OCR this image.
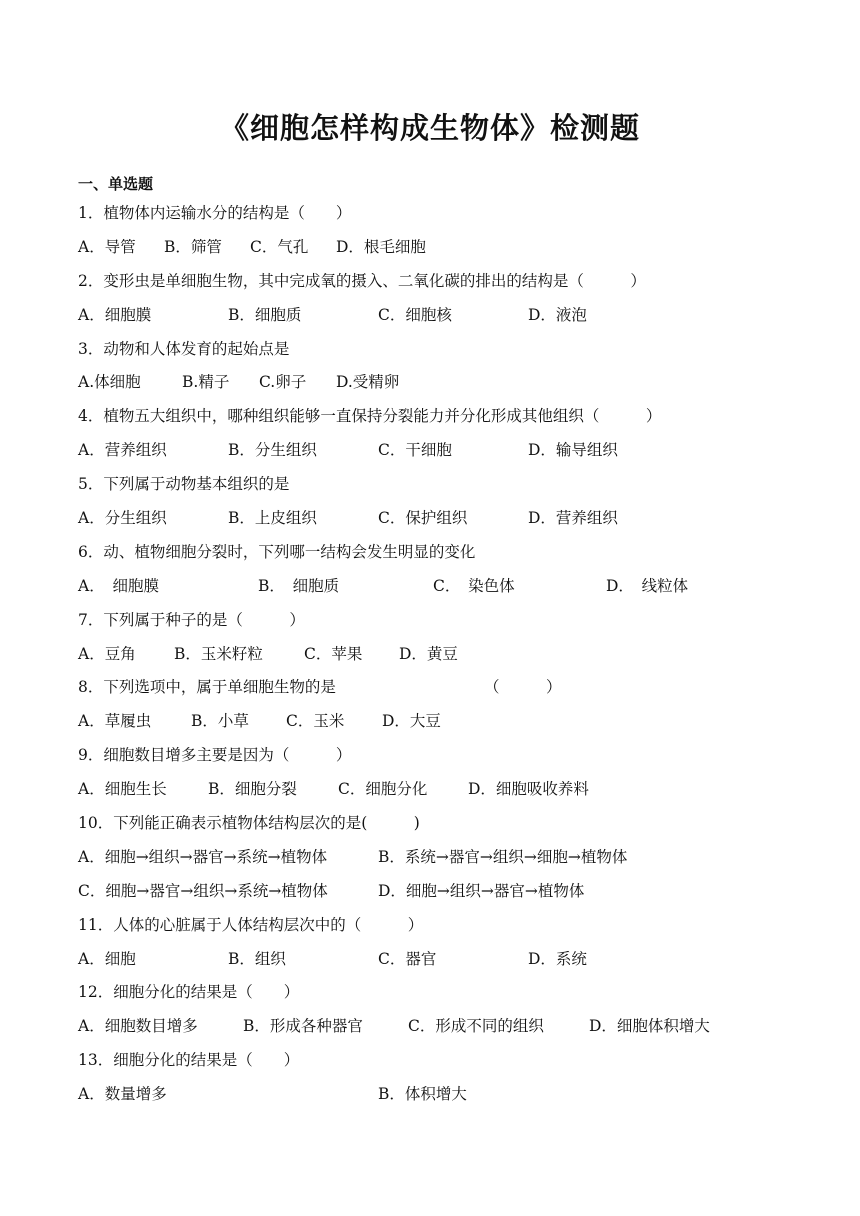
《细胞怎样构成生物体》检测题
一、单选题
1．植物体内运输水分的结构是（　　）
A．导管 B．筛管 C．气孔 D．根毛细胞
2．变形虫是单细胞生物，其中完成氧的摄入、二氧化碳的排出的结构是（　　　）
A．细胞膜	B．细胞质	C．细胞核	D．液泡
3．动物和人体发育的起始点是
A.体细胞	B.精子 C.卵子 D.受精卵
4．植物五大组织中，哪种组织能够一直保持分裂能力并分化形成其他组织（　　　）
A．营养组织	B．分生组织	C．干细胞	D．输导组织
5．下列属于动物基本组织的是
A．分生组织	B．上皮组织	C．保护组织	D．营养组织
6．动、植物细胞分裂时，下列哪一结构会发生明显的变化
A．　细胞膜	B．　细胞质	C．　染色体	D．　线粒体
7．下列属于种子的是（　　　）
A．豆角 B．玉米籽粒	C．苹果 D．黄豆
8．下列选项中，属于单细胞生物的是	（　　　）
A．草履虫	B．小草 C．玉米 D．大豆
9．细胞数目增多主要是因为（　　　）
A．细胞生长	B．细胞分裂	C．细胞分化	D．细胞吸收养料
10．下列能正确表示植物体结构层次的是(　　　)
A．细胞→组织→器官→系统→植物体	B．系统→器官→组织→细胞→植物体
C．细胞→器官→组织→系统→植物体	D．细胞→组织→器官→植物体
11．人体的心脏属于人体结构层次中的（　　　）
A．细胞	B．组织	C．器官	D．系统
12．细胞分化的结果是（　　）
A．细胞数目增多	B．形成各种器官	C．形成不同的组织	D．细胞体积增大
13．细胞分化的结果是（　　）
A．数量增多	B．体积增大
